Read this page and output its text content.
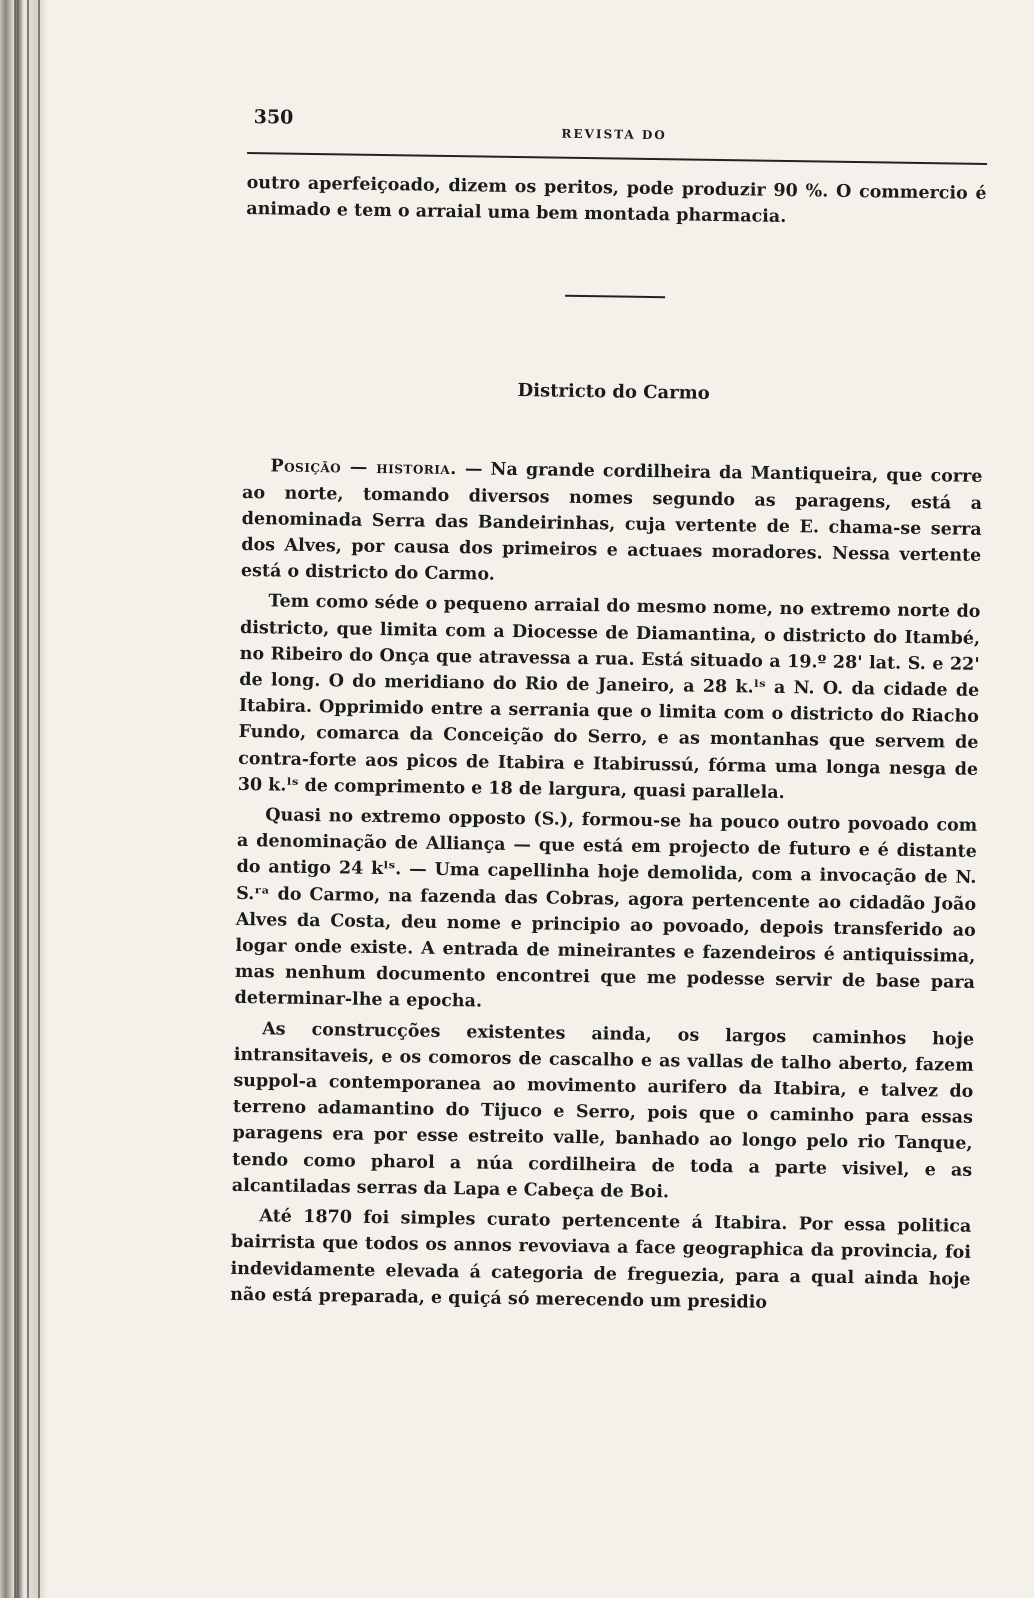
350
REVISTA DO

outro aperfeiçoado, dizem os peritos, pode produzir 90 %. O commercio é animado e tem o arraial uma bem montada pharmacia.

Districto do Carmo

Posição — historia. — Na grande cordilheira da Mantiqueira, que corre ao norte, tomando diversos nomes segundo as paragens, está a denominada Serra das Bandeirinhas, cuja vertente de E. chama-se serra dos Alves, por causa dos primeiros e actuaes moradores. Nessa vertente está o districto do Carmo.

Tem como séde o pequeno arraial do mesmo nome, no extremo norte do districto, que limita com a Diocesse de Diamantina, o districto do Itambé, no Ribeiro do Onça que atravessa a rua. Está situado a 19.º 28' lat. S. e 22' de long. O do meridiano do Rio de Janeiro, a 28 k.ˡˢ a N. O. da cidade de Itabira. Opprimido entre a serrania que o limita com o districto do Riacho Fundo, comarca da Conceição do Serro, e as montanhas que servem de contra-forte aos picos de Itabira e Itabirussú, fórma uma longa nesga de 30 k.ˡˢ de comprimento e 18 de largura, quasi parallela.

Quasi no extremo opposto (S.), formou-se ha pouco outro povoado com a denominação de Alliança — que está em projecto de futuro e é distante do antigo 24 kˡˢ. — Uma capellinha hoje demolida, com a invocação de N. S.ʳᵃ do Carmo, na fazenda das Cobras, agora pertencente ao cidadão João Alves da Costa, deu nome e principio ao povoado, depois transferido ao logar onde existe. A entrada de mineirantes e fazendeiros é antiquissima, mas nenhum documento encontrei que me podesse servir de base para determinar-lhe a epocha.

As construcções existentes ainda, os largos caminhos hoje intransitaveis, e os comoros de cascalho e as vallas de talho aberto, fazem suppol-a contemporanea ao movimento aurifero da Itabira, e talvez do terreno adamantino do Tijuco e Serro, pois que o caminho para essas paragens era por esse estreito valle, banhado ao longo pelo rio Tanque, tendo como pharol a núa cordilheira de toda a parte visivel, e as alcantiladas serras da Lapa e Cabeça de Boi.

Até 1870 foi simples curato pertencente á Itabira. Por essa politica bairrista que todos os annos revoviava a face geographica da provincia, foi indevidamente elevada á categoria de freguezia, para a qual ainda hoje não está preparada, e quiçá só merecendo um presidio
